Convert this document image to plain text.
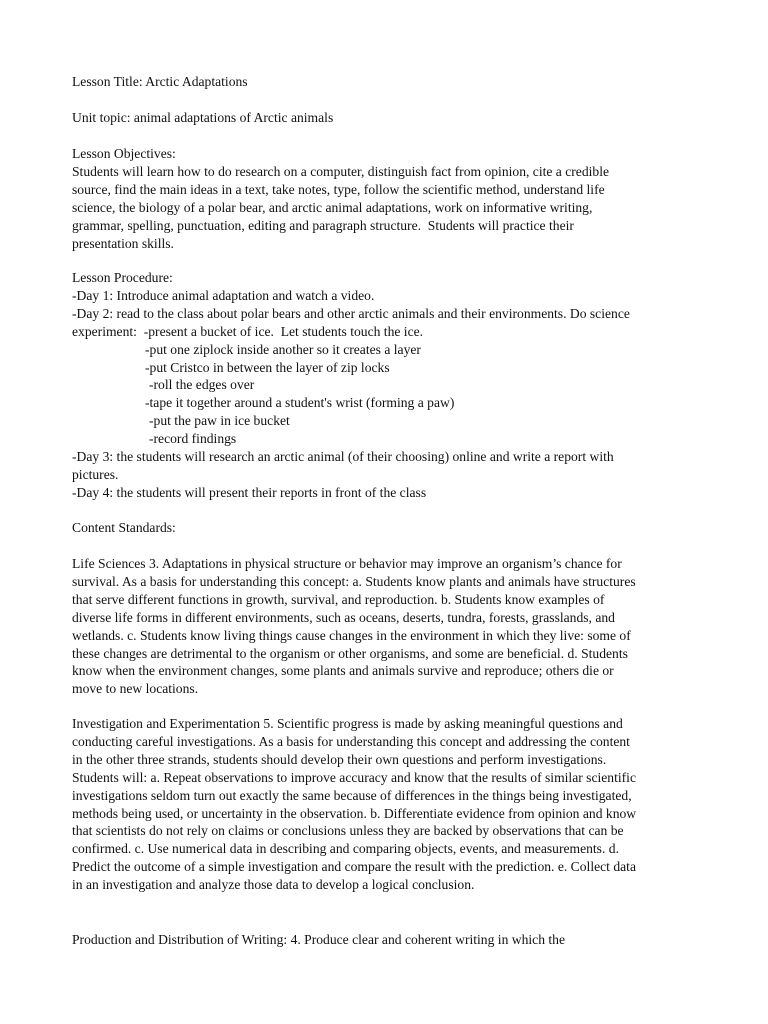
Lesson Title: Arctic Adaptations

Unit topic: animal adaptations of Arctic animals

Lesson Objectives:
Students will learn how to do research on a computer, distinguish fact from opinion, cite a credible
source, find the main ideas in a text, take notes, type, follow the scientific method, understand life
science, the biology of a polar bear, and arctic animal adaptations, work on informative writing,
grammar, spelling, punctuation, editing and paragraph structure.  Students will practice their
presentation skills.
Lesson Procedure:
-Day 1: Introduce animal adaptation and watch a video.
-Day 2: read to the class about polar bears and other arctic animals and their environments. Do science
experiment:  -present a bucket of ice.  Let students touch the ice.
-put one ziplock inside another so it creates a layer
-put Cristco in between the layer of zip locks
-roll the edges over
-tape it together around a student's wrist (forming a paw)
-put the paw in ice bucket
-record findings
-Day 3: the students will research an arctic animal (of their choosing) online and write a report with
pictures.
-Day 4: the students will present their reports in front of the class

Content Standards:

Life Sciences 3. Adaptations in physical structure or behavior may improve an organism’s chance for
survival. As a basis for understanding this concept: a. Students know plants and animals have structures
that serve different functions in growth, survival, and reproduction. b. Students know examples of
diverse life forms in different environments, such as oceans, deserts, tundra, forests, grasslands, and
wetlands. c. Students know living things cause changes in the environment in which they live: some of
these changes are detrimental to the organism or other organisms, and some are beneficial. d. Students
know when the environment changes, some plants and animals survive and reproduce; others die or
move to new locations.
Investigation and Experimentation 5. Scientific progress is made by asking meaningful questions and
conducting careful investigations. As a basis for understanding this concept and addressing the content
in the other three strands, students should develop their own questions and perform investigations.
Students will: a. Repeat observations to improve accuracy and know that the results of similar scientific
investigations seldom turn out exactly the same because of differences in the things being investigated,
methods being used, or uncertainty in the observation. b. Differentiate evidence from opinion and know
that scientists do not rely on claims or conclusions unless they are backed by observations that can be
confirmed. c. Use numerical data in describing and comparing objects, events, and measurements. d.
Predict the outcome of a simple investigation and compare the result with the prediction. e. Collect data
in an investigation and analyze those data to develop a logical conclusion.

Production and Distribution of Writing: 4. Produce clear and coherent writing in which the
